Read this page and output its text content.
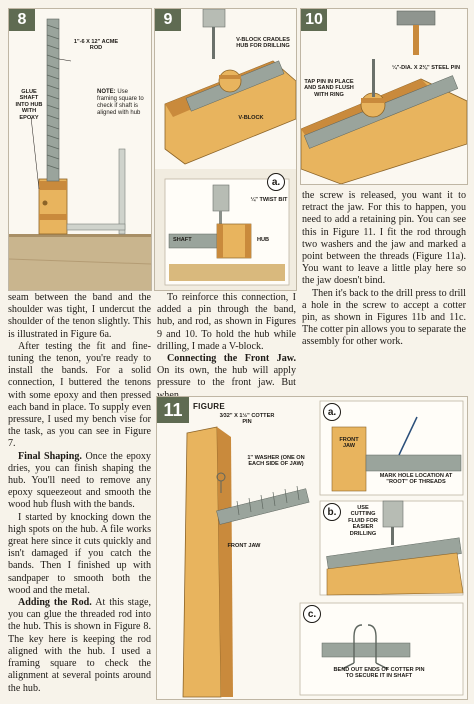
8
1"-6 X 12" ACME ROD
GLUE SHAFT INTO HUB WITH EPOXY
NOTE: Use framing square to check if shaft is aligned with hub
9
V-BLOCK CRADLES HUB FOR DRILLING
V-BLOCK
a.
¼" TWIST BIT
SHAFT	HUB
10
¼"-DIA. X 2⅜" STEEL PIN
TAP PIN IN PLACE AND SAND FLUSH WITH RING

seam between the band and the shoulder was tight, I undercut the shoulder of the tenon slightly. This is illustrated in Figure 6a.

After testing the fit and fine-tuning the tenon, you're ready to install the bands. For a solid connection, I buttered the tenons with some epoxy and then pressed each band in place. To supply even pressure, I used my bench vise for the task, as you can see in Figure 7.

Final Shaping. Once the epoxy dries, you can finish shaping the hub. You'll need to remove any epoxy squeezeout and smooth the wood hub flush with the bands.

I started by knocking down the high spots on the hub. A file works great here since it cuts quickly and isn't damaged if you catch the bands. Then I finished up with sandpaper to smooth both the wood and the metal.

Adding the Rod. At this stage, you can glue the threaded rod into the hub. This is shown in Figure 8. The key here is keeping the rod aligned with the hub. I used a framing square to check the alignment at several points around the hub.

To reinforce this connection, I added a pin through the band, hub, and rod, as shown in Figures 9 and 10. To hold the hub while drilling, I made a V-block.

Connecting the Front Jaw. On its own, the hub will apply pressure to the front jaw. But

the screw is released, you want it to retract the jaw. For this to happen, you need to add a retaining pin. You can see this in Figure 11. I fit the rod through two washers and the jaw and marked a point between the threads (Figure 11a). You want to leave a little play here so the jaw doesn't bind.

Then it's back to the drill press to drill a hole in the screw to accept a cotter pin, as shown in Figures 11b and 11c. The cotter pin allows you to separate the assembly for other work.

11	FIGURE
3⁄32" X 1½" COTTER PIN
1" WASHER (ONE ON EACH SIDE OF JAW)
FRONT JAW
a.
FRONT JAW
MARK HOLE LOCATION AT "ROOT" OF THREADS
b.	USE CUTTING FLUID FOR EASIER DRILLING
c.
BEND OUT ENDS OF COTTER PIN TO SECURE IT IN SHAFT
